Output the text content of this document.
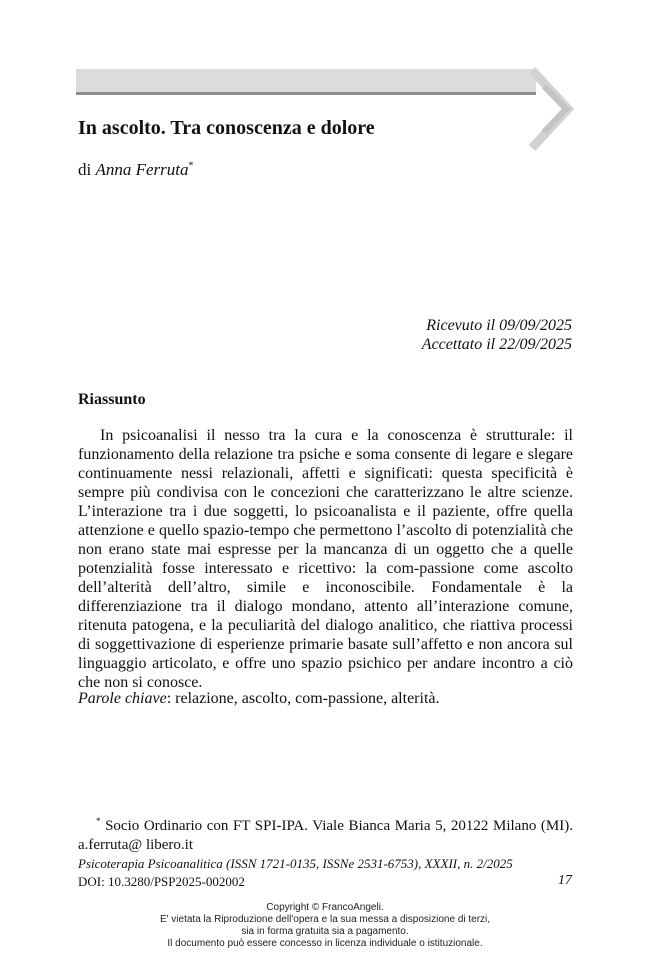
In ascolto. Tra conoscenza e dolore
di Anna Ferruta*
Ricevuto il 09/09/2025
Accettato il 22/09/2025
Riassunto

In psicoanalisi il nesso tra la cura e la conoscenza è strutturale: il funzionamento della relazione tra psiche e soma consente di legare e slegare continuamente nessi relazionali, affetti e significati: questa specificità è sempre più condivisa con le concezioni che caratterizzano le altre scienze. L’interazione tra i due soggetti, lo psicoanalista e il paziente, offre quella attenzione e quello spazio-tempo che permettono l’ascolto di potenzialità che non erano state mai espresse per la mancanza di un oggetto che a quelle potenzialità fosse interessato e ricettivo: la com-passione come ascolto dell’alterità dell’altro, simile e inconoscibile. Fondamentale è la differenziazione tra il dialogo mondano, attento all’interazione comune, ritenuta patogena, e la peculiarità del dialogo analitico, che riattiva processi di soggettivazione di esperienze primarie basate sull’affetto e non ancora sul linguaggio articolato, e offre uno spazio psichico per andare incontro a ciò che non si conosce.

Parole chiave: relazione, ascolto, com-passione, alterità.

* Socio Ordinario con FT SPI-IPA. Viale Bianca Maria 5, 20122 Milano (MI). a.ferruta@ libero.it

Psicoterapia Psicoanalitica (ISSN 1721-0135, ISSNe 2531-6753), XXXII, n. 2/2025
DOI: 10.3280/PSP2025-002002	17
Copyright © FrancoAngeli.
E' vietata la Riproduzione dell'opera e la sua messa a disposizione di terzi,
sia in forma gratuita sia a pagamento.
Il documento può essere concesso in licenza individuale o istituzionale.
